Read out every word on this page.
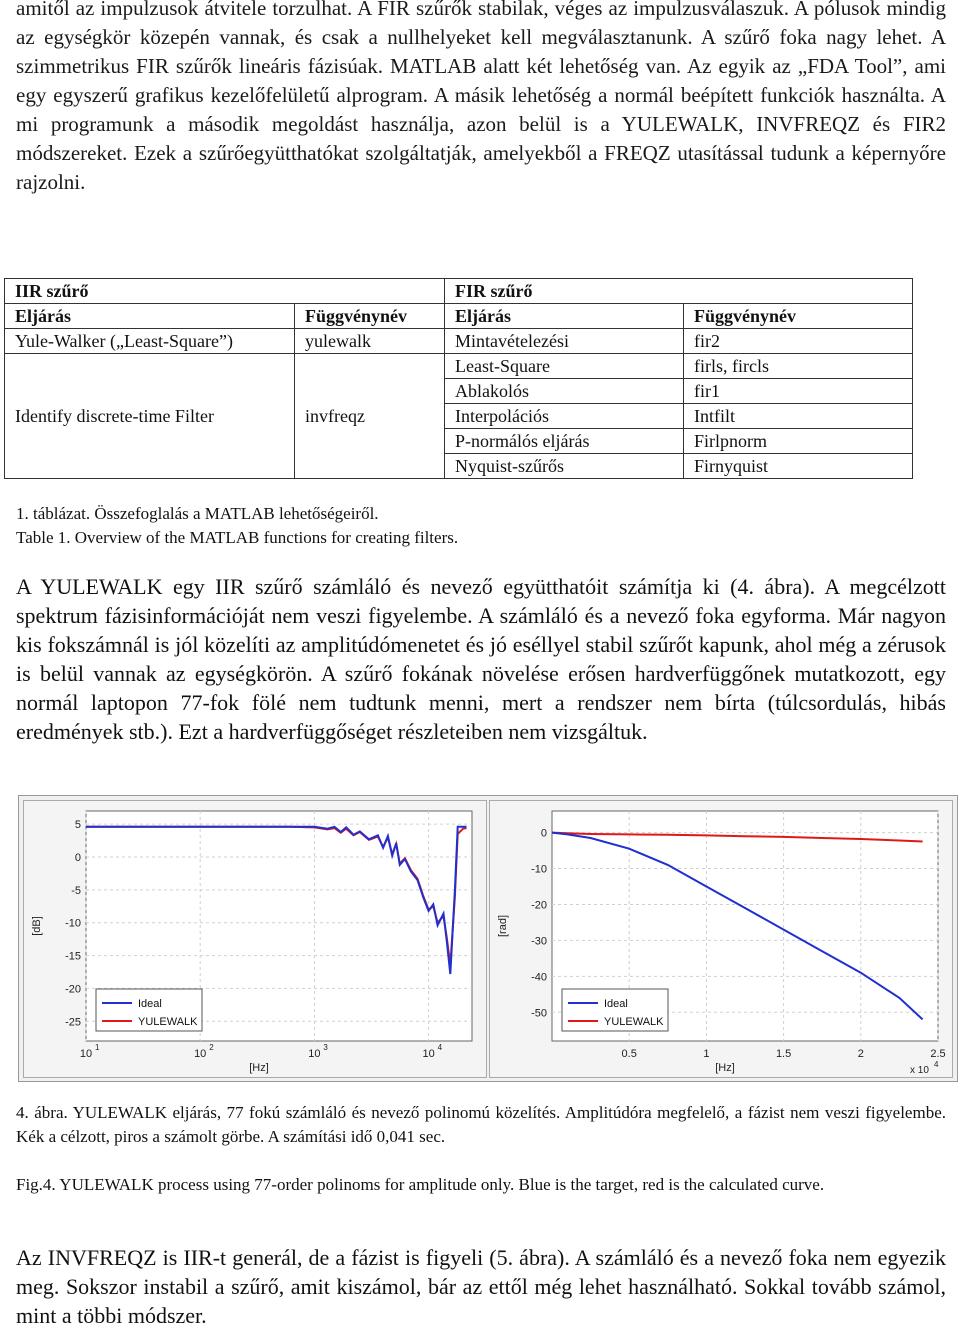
amitől az impulzusok átvitele torzulhat. A FIR szűrők stabilak, véges az impulzusválaszuk. A pólusok mindig az egységkör közepén vannak, és csak a nullhelyeket kell megválasztanunk. A szűrő foka nagy lehet. A szimmetrikus FIR szűrők lineáris fázisúak. MATLAB alatt két lehetőség van. Az egyik az „FDA Tool”, ami egy egyszerű grafikus kezelőfelületű alprogram. A másik lehetőség a normál beépített funkciók használta. A mi programunk a második megoldást használja, azon belül is a YULEWALK, INVFREQZ és FIR2 módszereket. Ezek a szűrőegyütthatókat szolgáltatják, amelyekből a FREQZ utasítással tudunk a képernyőre rajzolni.
IIR szűrő		FIR szűrő	
Eljárás	Függvénynév	Eljárás	Függvénynév
Yule-Walker („Least-Square”)	yulewalk	Mintavételezési	fir2
Identify discrete-time Filter	invfreqz	Least-Square	firls, fircls
		Ablakolós	fir1
		Interpolációs	Intfilt
		P-normálós eljárás	Firlpnorm
		Nyquist-szűrős	Firnyquist
1. táblázat. Összefoglalás a MATLAB lehetőségeiről.
Table 1. Overview of the MATLAB functions for creating filters.
A YULEWALK egy IIR szűrő számláló és nevező együtthatóit számítja ki (4. ábra). A megcélzott spektrum fázisinformációját nem veszi figyelembe. A számláló és a nevező foka egyforma. Már nagyon kis fokszámnál is jól közelíti az amplitúdómenetet és jó eséllyel stabil szűrőt kapunk, ahol még a zérusok is belül vannak az egységkörön. A szűrő fokának növelése erősen hardverfüggőnek mutatkozott, egy normál laptopon 77-fok fölé nem tudtunk menni, mert a rendszer nem bírta (túlcsordulás, hibás eredmények stb.). Ezt a hardverfüggőséget részleteiben nem vizsgáltuk.
5
0
-5
-10
-15
-20
-25
10
1
10
2
10
3
10
4
[dB]
[Hz]
Ideal
YULEWALK
0
-10
-20
-30
-40
-50
0.5	1	1.5	2	2.5
[rad]
[Hz]	x 10
4
Ideal
YULEWALK
4. ábra. YULEWALK eljárás, 77 fokú számláló és nevező polinomú közelítés. Amplitúdóra megfelelő, a fázist nem veszi figyelembe. Kék a célzott, piros a számolt görbe. A számítási idő 0,041 sec.
Fig.4. YULEWALK process using 77-order polinoms for amplitude only. Blue is the target, red is the calculated curve.
Az INVFREQZ is IIR-t generál, de a fázist is figyeli (5. ábra). A számláló és a nevező foka nem egyezik meg. Sokszor instabil a szűrő, amit kiszámol, bár az ettől még lehet használható. Sokkal tovább számol, mint a többi módszer.
